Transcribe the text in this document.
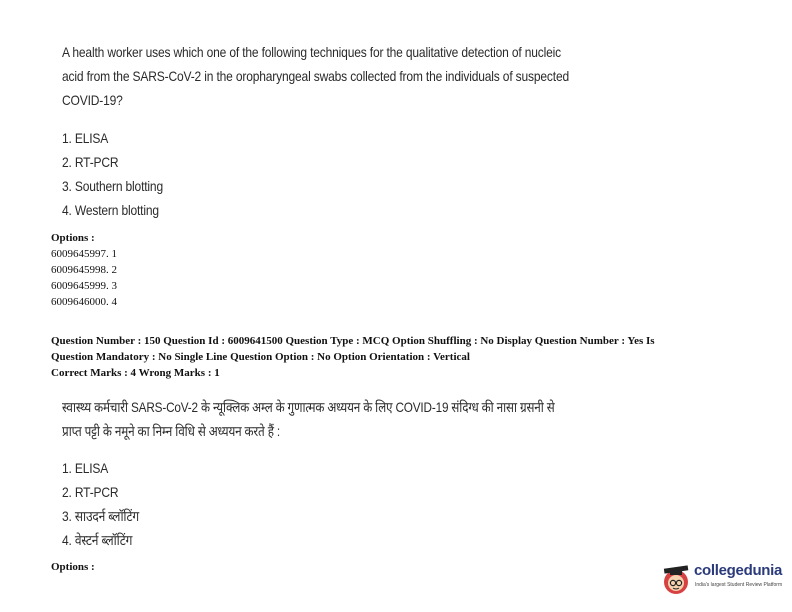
A health worker uses which one of the following techniques for the qualitative detection of nucleic
acid from the SARS-CoV-2 in the oropharyngeal swabs collected from the individuals of suspected
COVID-19?
1. ELISA
2. RT-PCR
3. Southern blotting
4. Western blotting
Options :
6009645997. 1
6009645998. 2
6009645999. 3
6009646000. 4
Question Number : 150 Question Id : 6009641500 Question Type : MCQ Option Shuffling : No Display Question Number : Yes Is
Question Mandatory : No Single Line Question Option : No Option Orientation : Vertical
Correct Marks : 4 Wrong Marks : 1
स्वास्थ्य कर्मचारी SARS-CoV-2 के न्यूक्लिक अम्ल के गुणात्मक अध्ययन के लिए COVID-19 संदिग्ध की नासा ग्रसनी से
प्राप्त पट्टी के नमूने का निम्न विधि से अध्ययन करते हैं :
1. ELISA
2. RT-PCR
3. साउदर्न ब्लॉटिंग
4. वेस्टर्न ब्लॉटिंग
Options :	collegedunia
India's largest Student Review Platform
